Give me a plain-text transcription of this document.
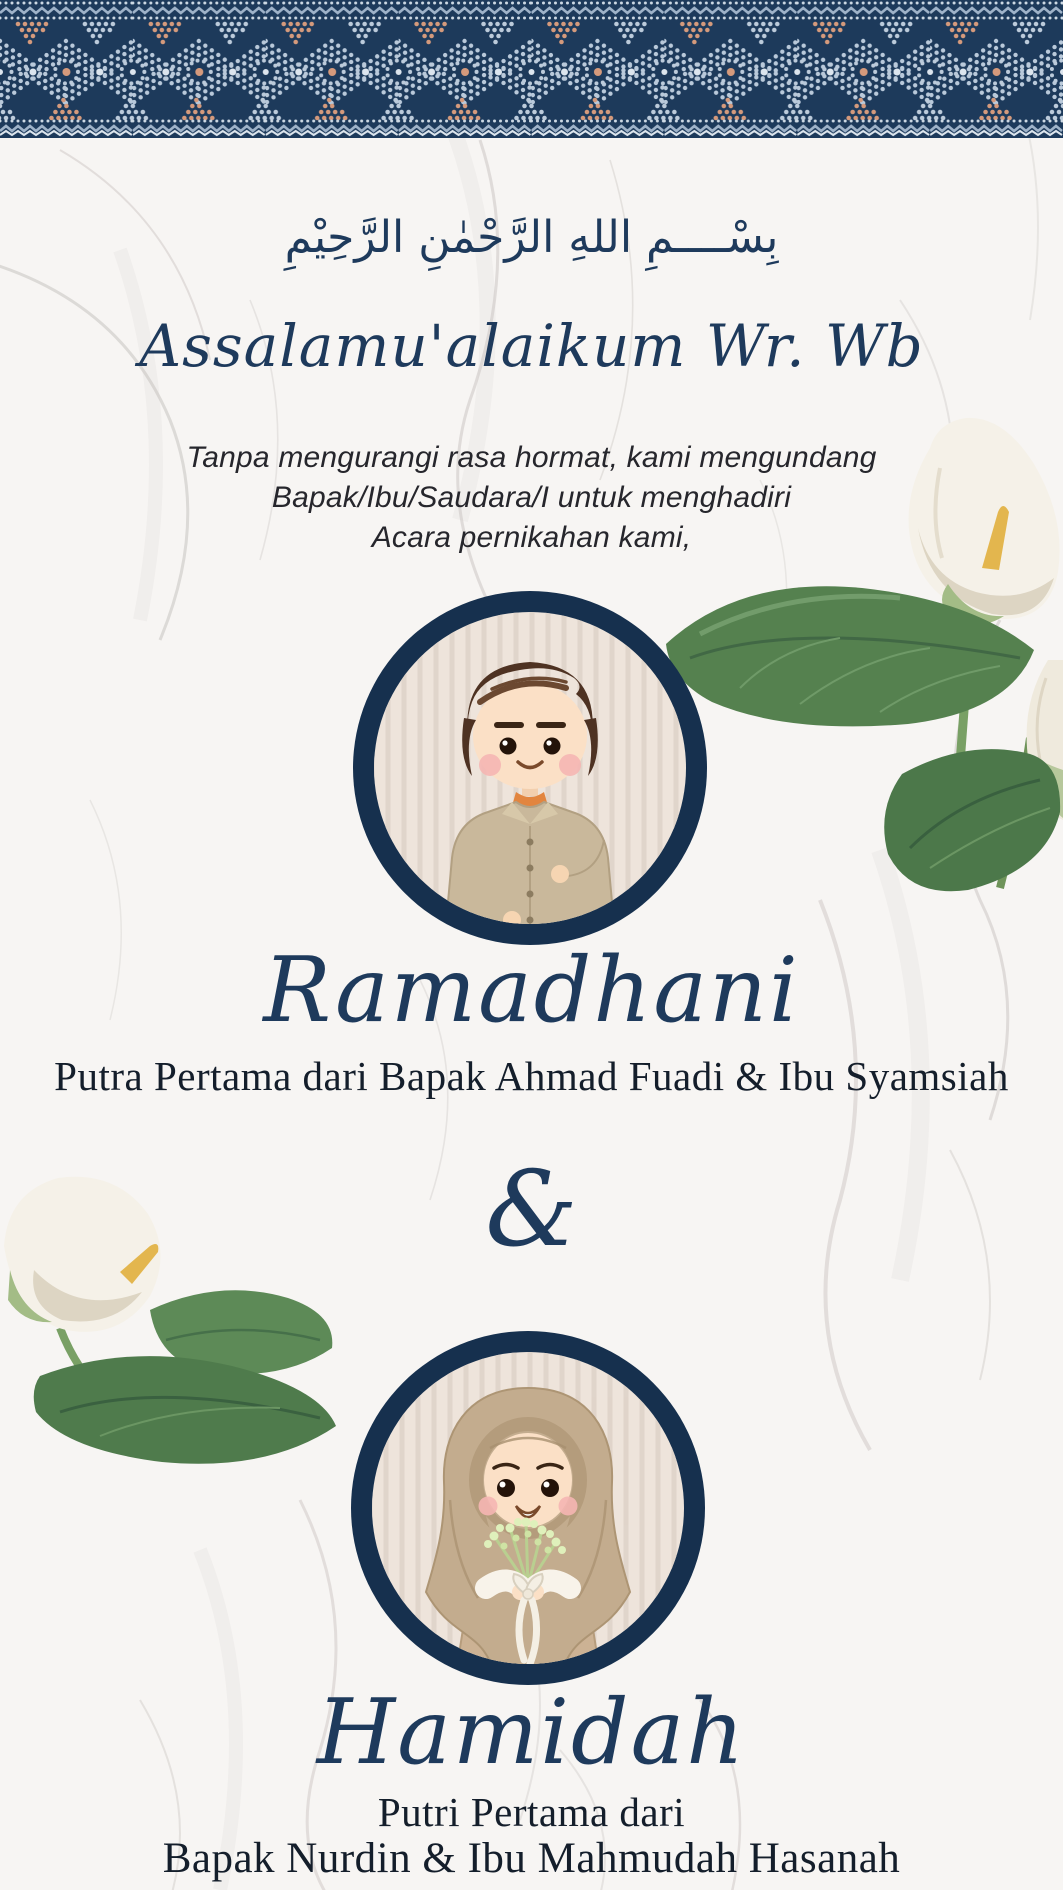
بِسْــــمِ اللهِ الرَّحْمٰنِ الرَّحِيْمِ
Assalamu'alaikum Wr. Wb
Tanpa mengurangi rasa hormat, kami mengundang
Bapak/Ibu/Saudara/I untuk menghadiri
Acara pernikahan kami,
Ramadhani
Putra Pertama dari Bapak Ahmad Fuadi & Ibu Syamsiah
&
Hamidah
Putri Pertama dari
Bapak Nurdin & Ibu Mahmudah Hasanah
